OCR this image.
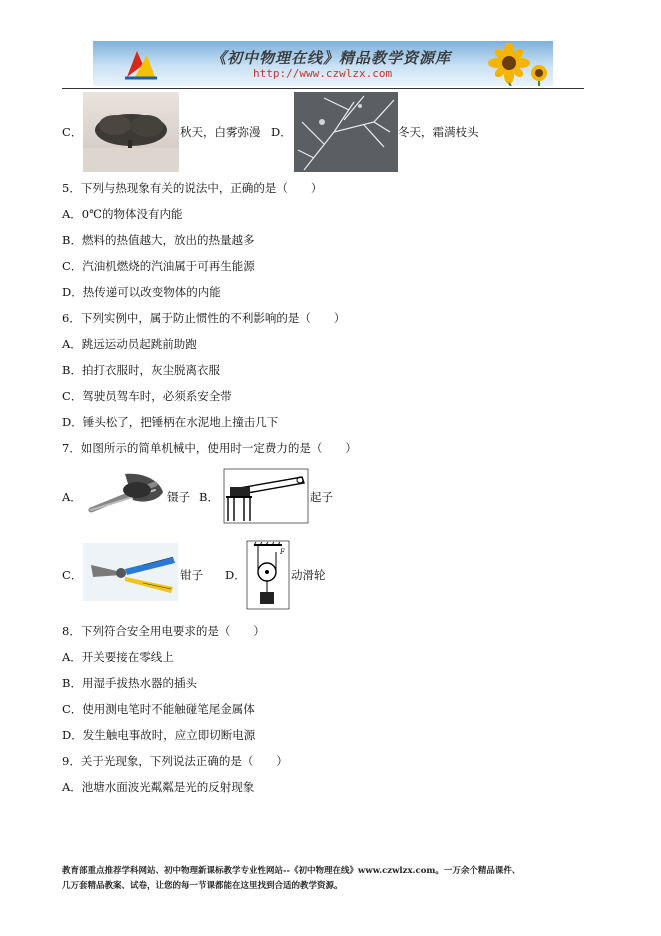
《初中物理在线》精品教学资源库
http://www.czwlzx.com
C．	秋天，白雾弥漫 D．	冬天，霜满枝头
5．下列与热现象有关的说法中，正确的是（　　）
A．0℃的物体没有内能
B．燃料的热值越大，放出的热量越多
C．汽油机燃烧的汽油属于可再生能源
D．热传递可以改变物体的内能
6．下列实例中，属于防止惯性的不利影响的是（　　）
A．跳远运动员起跳前助跑
B．拍打衣服时，灰尘脱离衣服
C．驾驶员驾车时，必须系安全带
D．锤头松了，把锤柄在水泥地上撞击几下
7．如图所示的简单机械中，使用时一定费力的是（　　）
A．	镊子 B．	起子
C．	钳子 D．
F
动滑轮
8．下列符合安全用电要求的是（　　）
A．开关要接在零线上
B．用湿手拔热水器的插头
C．使用测电笔时不能触碰笔尾金属体
D．发生触电事故时，应立即切断电源
9．关于光现象，下列说法正确的是（　　）
A．池塘水面波光粼粼是光的反射现象
教育部重点推荐学科网站、初中物理新课标教学专业性网站--《初中物理在线》www.czwlzx.com。一万余个精品课件、
几万套精品教案、试卷，让您的每一节课都能在这里找到合适的教学资源。
